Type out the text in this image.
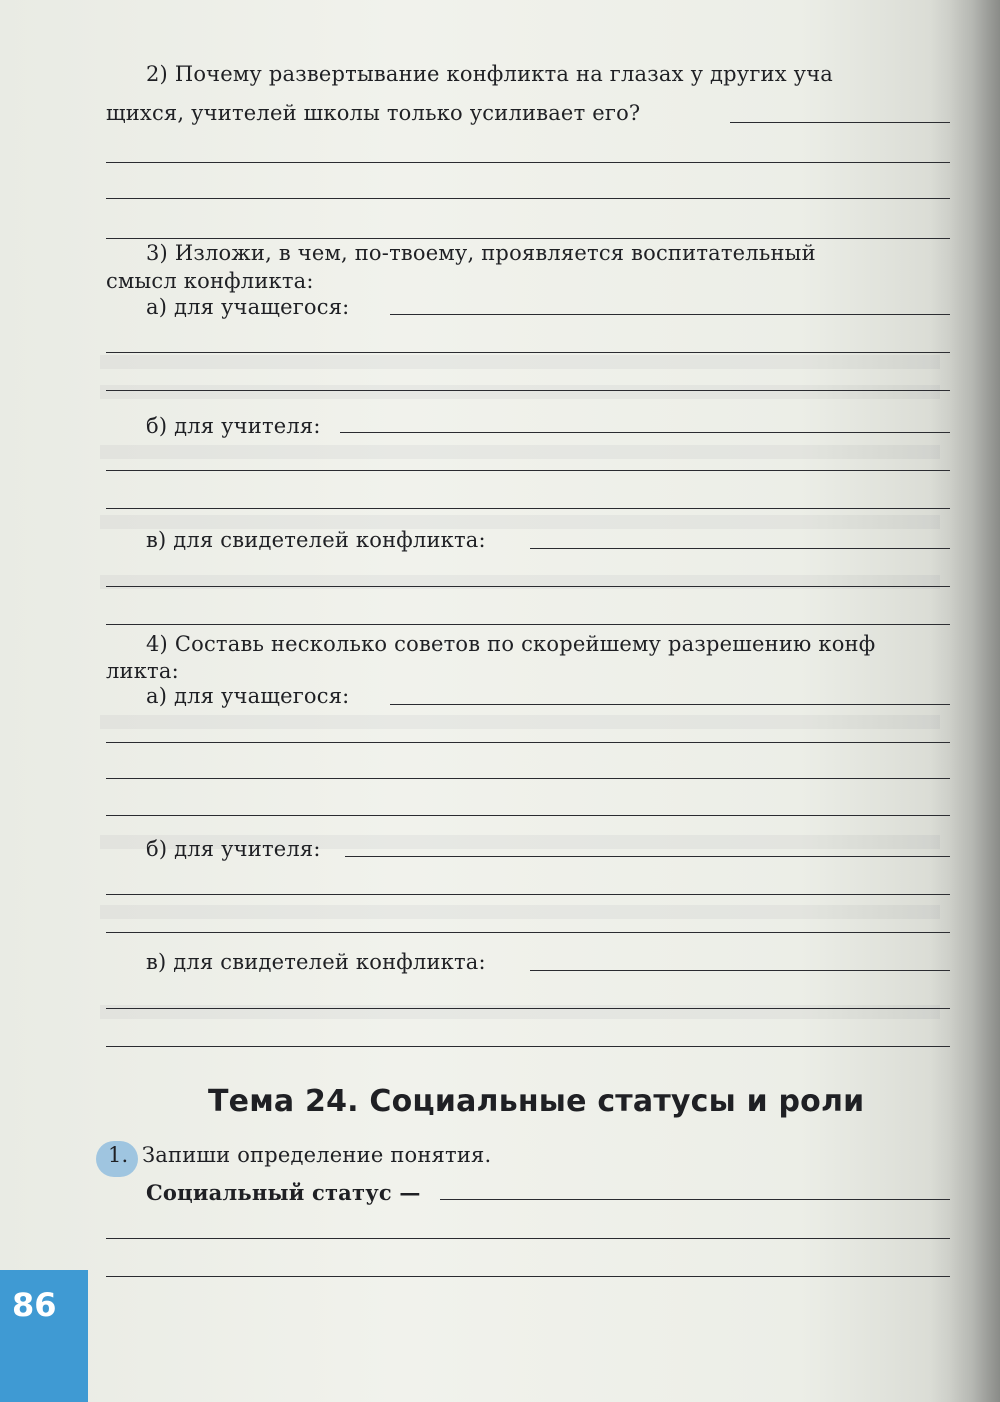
2) Почему развертывание конфликта на глазах у других уча
щихся, учителей школы только усиливает его?
3) Изложи, в чем, по-твоему, проявляется воспитательный
смысл конфликта:
а) для учащегося:
б) для учителя:
в) для свидетелей конфликта:
4) Составь несколько советов по скорейшему разрешению конф
ликта:
а) для учащегося:
б) для учителя:
в) для свидетелей конфликта:
Тема 24. Социальные статусы и роли
1. Запиши определение понятия.
Социальный статус —
86
